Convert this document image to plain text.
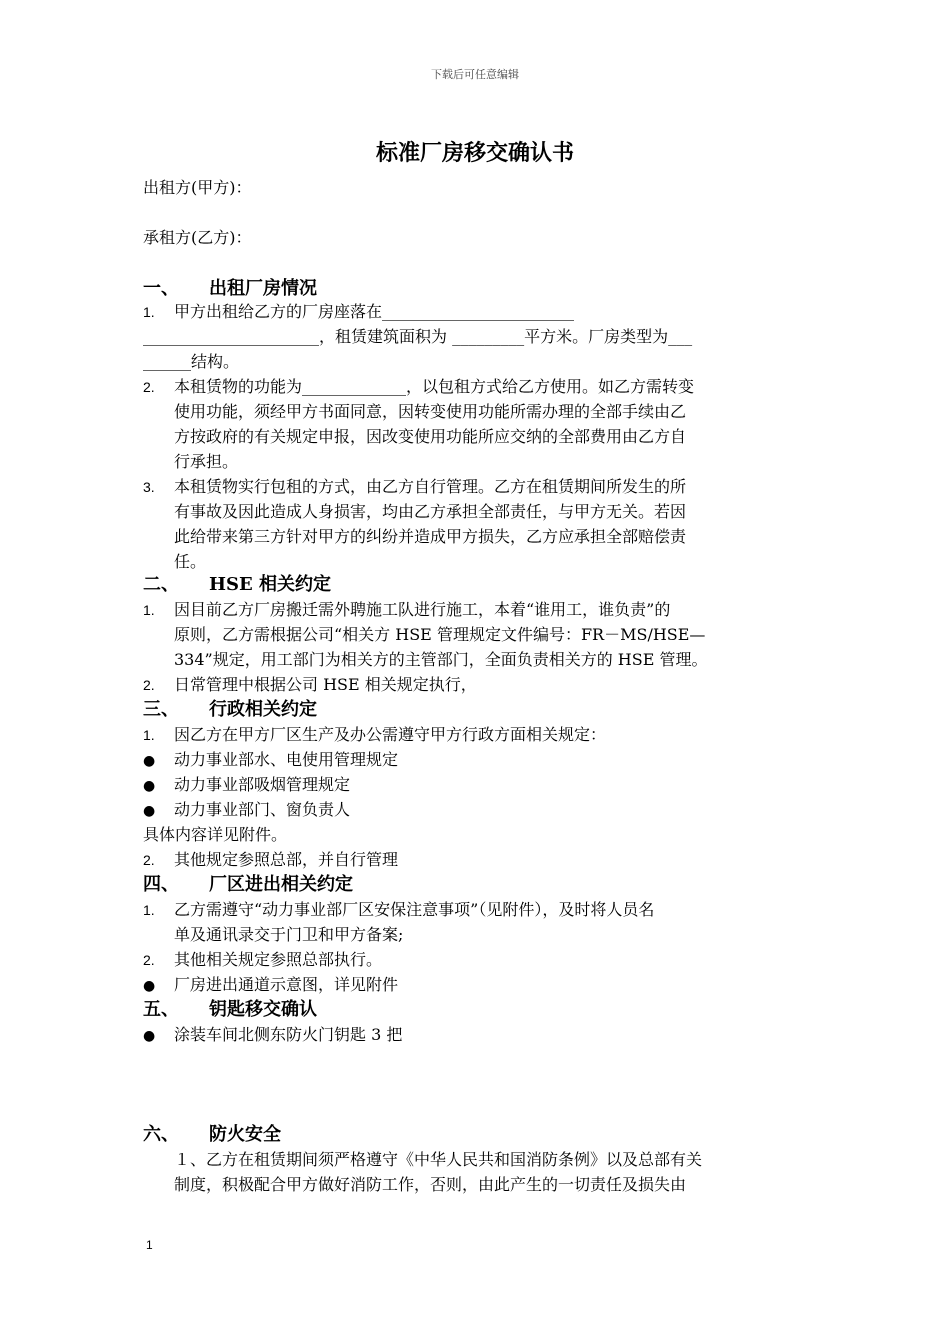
下载后可任意编辑
标准厂房移交确认书
出租方(甲方)：
承租方(乙方)：
一、 出租厂房情况
1. 甲方出租给乙方的厂房座落在________________________
______________________，租赁建筑面积为 _________平方米。厂房类型为___
______结构。
2. 本租赁物的功能为_____________，以包租方式给乙方使用。如乙方需转变
使用功能，须经甲方书面同意，因转变使用功能所需办理的全部手续由乙
方按政府的有关规定申报，因改变使用功能所应交纳的全部费用由乙方自
行承担。
3. 本租赁物实行包租的方式，由乙方自行管理。乙方在租赁期间所发生的所
有事故及因此造成人身损害，均由乙方承担全部责任，与甲方无关。若因
此给带来第三方针对甲方的纠纷并造成甲方损失，乙方应承担全部赔偿责
任。
二、 HSE 相关约定
1. 因目前乙方厂房搬迁需外聘施工队进行施工，本着“谁用工，谁负责”的
原则，乙方需根据公司“相关方 HSE 管理规定文件编号：FR－MS/HSE—
334”规定，用工部门为相关方的主管部门，全面负责相关方的 HSE 管理。
2. 日常管理中根据公司 HSE 相关规定执行，
三、 行政相关约定
1. 因乙方在甲方厂区生产及办公需遵守甲方行政方面相关规定：
● 动力事业部水、电使用管理规定
● 动力事业部吸烟管理规定
● 动力事业部门、窗负责人
具体内容详见附件。
2. 其他规定参照总部，并自行管理
四、 厂区进出相关约定
1. 乙方需遵守“动力事业部厂区安保注意事项”（见附件），及时将人员名
单及通讯录交于门卫和甲方备案;
2. 其他相关规定参照总部执行。
● 厂房进出通道示意图，详见附件
五、 钥匙移交确认
● 涂装车间北侧东防火门钥匙 3 把
六、 防火安全
１、乙方在租赁期间须严格遵守《中华人民共和国消防条例》以及总部有关
制度，积极配合甲方做好消防工作，否则，由此产生的一切责任及损失由
1
